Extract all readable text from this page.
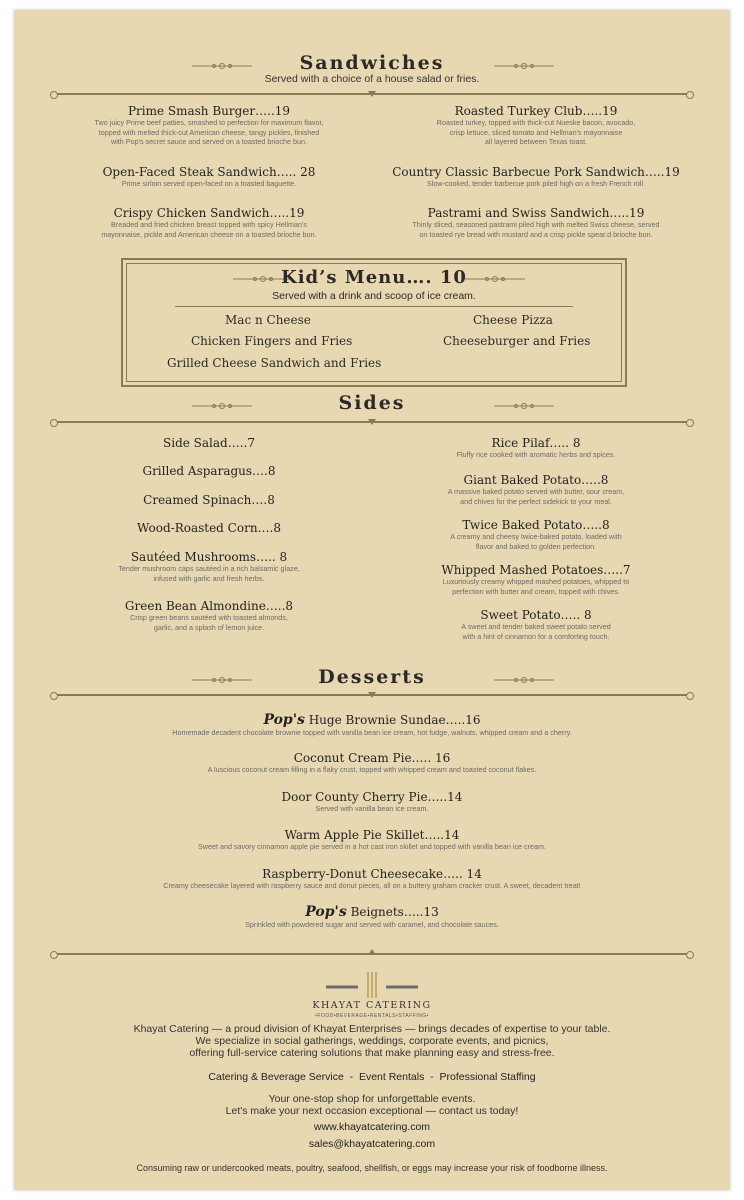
Sandwiches
Served with a choice of a house salad or fries.
Prime Smash Burger…..19
Two juicy Prime beef patties, smashed to perfection for maximum flavor,
topped with melted thick-cut American cheese, tangy pickles, finished
with Pop's secret sauce and served on a toasted brioche bun.
Open-Faced Steak Sandwich….. 28
Prime sirloin served open-faced on a toasted baguette.
Crispy Chicken Sandwich…..19
Breaded and fried chicken breast topped with spicy Hellman's
mayonnaise, pickle and American cheese on a toasted brioche bun.
Roasted Turkey Club…..19
Roasted turkey, topped with thick-cut Nueske bacon, avocado,
crisp lettuce, sliced tomato and Hellman's mayonnaise
all layered between Texas toast.
Country Classic Barbecue Pork Sandwich…..19
Slow-cooked, tender barbecue pork piled high on a fresh French roll.
Pastrami and Swiss Sandwich…..19
Thinly sliced, seasoned pastrami piled high with melted Swiss cheese, served
on toasted rye bread with mustard and a crisp pickle spear.d brioche bun.
Kid’s Menu…. 10
Served with a drink and scoop of ice cream.
Mac n Cheese	Cheese Pizza
Chicken Fingers and Fries	Cheeseburger and Fries
Grilled Cheese Sandwich and Fries
Sides
Side Salad…..7
Grilled Asparagus….8
Creamed Spinach….8
Wood-Roasted Corn….8
Sautéed Mushrooms….. 8
Tender mushroom caps sautéed in a rich balsamic glaze,
infused with garlic and fresh herbs.
Green Bean Almondine…..8
Crisp green beans sautéed with toasted almonds,
garlic, and a splash of lemon juice.
Rice Pilaf….. 8
Fluffy rice cooked with aromatic herbs and spices.
Giant Baked Potato…..8
A massive baked potato served with butter, sour cream,
and chives for the perfect sidekick to your meal.
Twice Baked Potato…..8
A creamy and cheesy twice-baked potato, loaded with
flavor and baked to golden perfection.
Whipped Mashed Potatoes…..7
Luxuriously creamy whipped mashed potatoes, whipped to
perfection with butter and cream, topped with chives.
Sweet Potato….. 8
A sweet and tender baked sweet potato served
with a hint of cinnamon for a comforting touch.
Desserts
Pop's Huge Brownie Sundae…..16
Homemade decadent chocolate brownie topped with vanilla bean ice cream, hot fudge, walnuts, whipped cream and a cherry.
Coconut Cream Pie….. 16
A luscious coconut cream filling in a flaky crust, topped with whipped cream and toasted coconut flakes.
Door County Cherry Pie…..14
Served with vanilla bean ice cream.
Warm Apple Pie Skillet…..14
Sweet and savory cinnamon apple pie served in a hot cast iron skillet and topped with vanilla bean ice cream.
Raspberry-Donut Cheesecake….. 14
Creamy cheesecake layered with raspberry sauce and donut pieces, all on a buttery graham cracker crust. A sweet, decadent treat!
Pop's Beignets…..13
Sprinkled with powdered sugar and served with caramel, and chocolate sauces.
KHAYAT CATERING
•FOOD•BEVERAGE•RENTALS•STAFFING•
Khayat Catering — a proud division of Khayat Enterprises — brings decades of expertise to your table.
We specialize in social gatherings, weddings, corporate events, and picnics,
offering full-service catering solutions that make planning easy and stress-free.
Catering & Beverage Service  -  Event Rentals  -  Professional Staffing
Your one-stop shop for unforgettable events.
Let's make your next occasion exceptional — contact us today!
www.khayatcatering.com
sales@khayatcatering.com
Consuming raw or undercooked meats, poultry, seafood, shellfish, or eggs may increase your risk of foodborne illness.
